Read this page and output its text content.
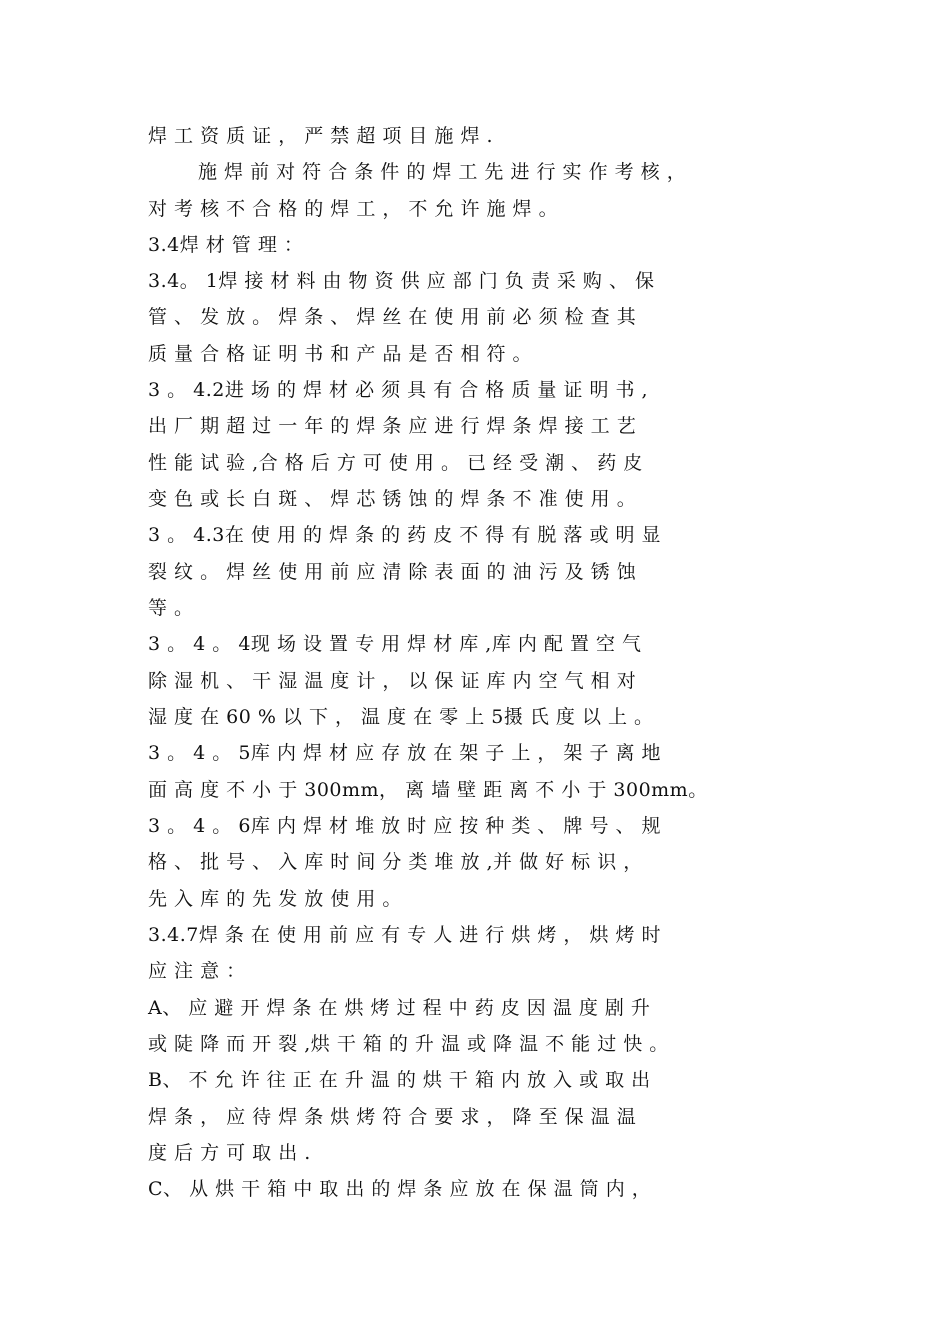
焊 工 资 质 证 ， 严 禁 超 项 目 施 焊 .
施 焊 前 对 符 合 条 件 的 焊 工 先 进 行 实 作 考 核 ，
对 考 核 不 合 格 的 焊 工 ， 不 允 许 施 焊 。
3.4焊 材 管 理 ：
3.4。 1焊 接 材 料 由 物 资 供 应 部 门 负 责 采 购 、 保
管 、 发 放 。 焊 条 、 焊 丝 在 使 用 前 必 须 检 查 其
质 量 合 格 证 明 书 和 产 品 是 否 相 符 。
3 。 4.2进 场 的 焊 材 必 须 具 有 合 格 质 量 证 明 书 ,
出 厂 期 超 过 一 年 的 焊 条 应 进 行 焊 条 焊 接 工 艺
性 能 试 验 ,合 格 后 方 可 使 用 。 已 经 受 潮 、 药 皮
变 色 或 长 白 斑 、 焊 芯 锈 蚀 的 焊 条 不 准 使 用 。
3 。 4.3在 使 用 的 焊 条 的 药 皮 不 得 有 脱 落 或 明 显
裂 纹 。 焊 丝 使 用 前 应 清 除 表 面 的 油 污 及 锈 蚀
等 。
3 。 4 。 4现 场 设 置 专 用 焊 材 库 ,库 内 配 置 空 气
除 湿 机 、 干 湿 温 度 计 ， 以 保 证 库 内 空 气 相 对
湿 度 在 60 % 以 下 ， 温 度 在 零 上 5摄 氏 度 以 上 。
3 。 4 。 5库 内 焊 材 应 存 放 在 架 子 上 ， 架 子 离 地
面 高 度 不 小 于 300mm， 离 墙 壁 距 离 不 小 于 300mm。
3 。 4 。 6库 内 焊 材 堆 放 时 应 按 种 类 、 牌 号 、 规
格 、 批 号 、 入 库 时 间 分 类 堆 放 ,并 做 好 标 识 ，
先 入 库 的 先 发 放 使 用 。
3.4.7焊 条 在 使 用 前 应 有 专 人 进 行 烘 烤 ， 烘 烤 时
应 注 意 ：
A、 应 避 开 焊 条 在 烘 烤 过 程 中 药 皮 因 温 度 剧 升
或 陡 降 而 开 裂 ,烘 干 箱 的 升 温 或 降 温 不 能 过 快 。
B、 不 允 许 往 正 在 升 温 的 烘 干 箱 内 放 入 或 取 出
焊 条 ， 应 待 焊 条 烘 烤 符 合 要 求 ， 降 至 保 温 温
度 后 方 可 取 出 .
C、 从 烘 干 箱 中 取 出 的 焊 条 应 放 在 保 温 筒 内 ，
